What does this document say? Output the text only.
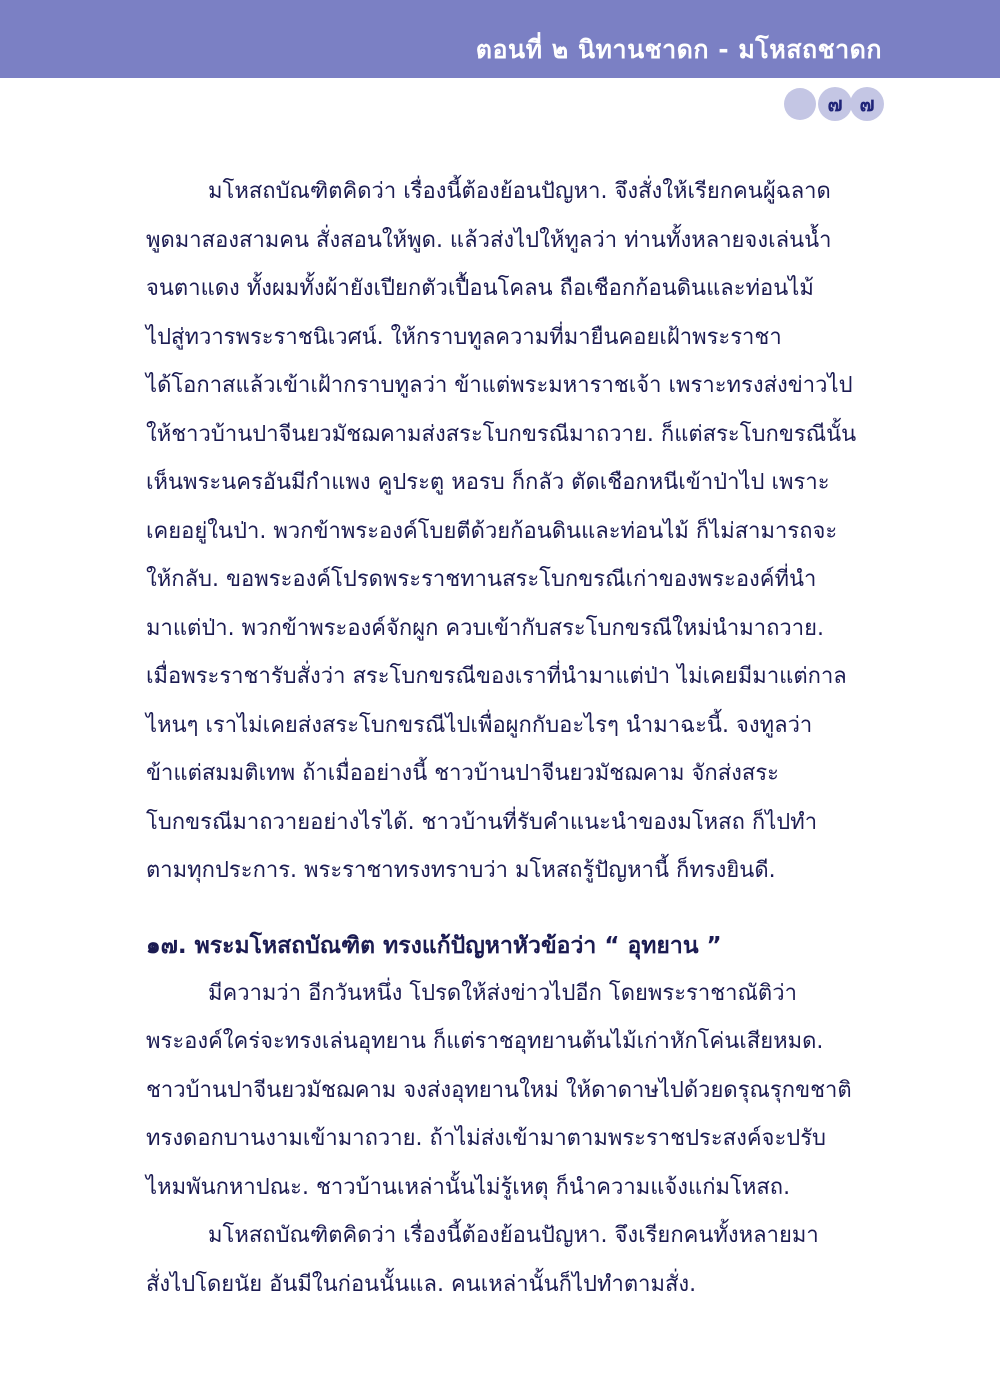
ตอนที่ ๒ นิทานชาดก - มโหสถชาดก
๗ ๗
มโหสถบัณฑิตคิดว่า เรื่องนี้ต้องย้อนปัญหา. จึงสั่งให้เรียกคนผู้ฉลาด
พูดมาสองสามคน สั่งสอนให้พูด. แล้วส่งไปให้ทูลว่า ท่านทั้งหลายจงเล่นน้ำ
จนตาแดง ทั้งผมทั้งผ้ายังเปียกตัวเปื้อนโคลน ถือเชือกก้อนดินและท่อนไม้
ไปสู่ทวารพระราชนิเวศน์. ให้กราบทูลความที่มายืนคอยเฝ้าพระราชา
ได้โอกาสแล้วเข้าเฝ้ากราบทูลว่า ข้าแต่พระมหาราชเจ้า เพราะทรงส่งข่าวไป
ให้ชาวบ้านปาจีนยวมัชฌคามส่งสระโบกขรณีมาถวาย. ก็แต่สระโบกขรณีนั้น
เห็นพระนครอันมีกำแพง คูประตู หอรบ ก็กลัว ตัดเชือกหนีเข้าป่าไป เพราะ
เคยอยู่ในป่า. พวกข้าพระองค์โบยตีด้วยก้อนดินและท่อนไม้ ก็ไม่สามารถจะ
ให้กลับ. ขอพระองค์โปรดพระราชทานสระโบกขรณีเก่าของพระองค์ที่นำ
มาแต่ป่า. พวกข้าพระองค์จักผูก ควบเข้ากับสระโบกขรณีใหม่นำมาถวาย.
เมื่อพระราชารับสั่งว่า สระโบกขรณีของเราที่นำมาแต่ป่า ไม่เคยมีมาแต่กาล
ไหนๆ เราไม่เคยส่งสระโบกขรณีไปเพื่อผูกกับอะไรๆ นำมาฉะนี้. จงทูลว่า
ข้าแต่สมมติเทพ ถ้าเมื่ออย่างนี้ ชาวบ้านปาจีนยวมัชฌคาม จักส่งสระ
โบกขรณีมาถวายอย่างไรได้. ชาวบ้านที่รับคำแนะนำของมโหสถ ก็ไปทำ
ตามทุกประการ. พระราชาทรงทราบว่า มโหสถรู้ปัญหานี้ ก็ทรงยินดี.
๑๗. พระมโหสถบัณฑิต ทรงแก้ปัญหาหัวข้อว่า “ อุทยาน ”
มีความว่า อีกวันหนึ่ง โปรดให้ส่งข่าวไปอีก โดยพระราชาณัติว่า
พระองค์ใคร่จะทรงเล่นอุทยาน ก็แต่ราชอุทยานต้นไม้เก่าหักโค่นเสียหมด.
ชาวบ้านปาจีนยวมัชฌคาม จงส่งอุทยานใหม่ ให้ดาดาษไปด้วยดรุณรุกขชาติ
ทรงดอกบานงามเข้ามาถวาย. ถ้าไม่ส่งเข้ามาตามพระราชประสงค์จะปรับ
ไหมพันกหาปณะ. ชาวบ้านเหล่านั้นไม่รู้เหตุ ก็นำความแจ้งแก่มโหสถ.
มโหสถบัณฑิตคิดว่า เรื่องนี้ต้องย้อนปัญหา. จึงเรียกคนทั้งหลายมา
สั่งไปโดยนัย อันมีในก่อนนั้นแล. คนเหล่านั้นก็ไปทำตามสั่ง.
